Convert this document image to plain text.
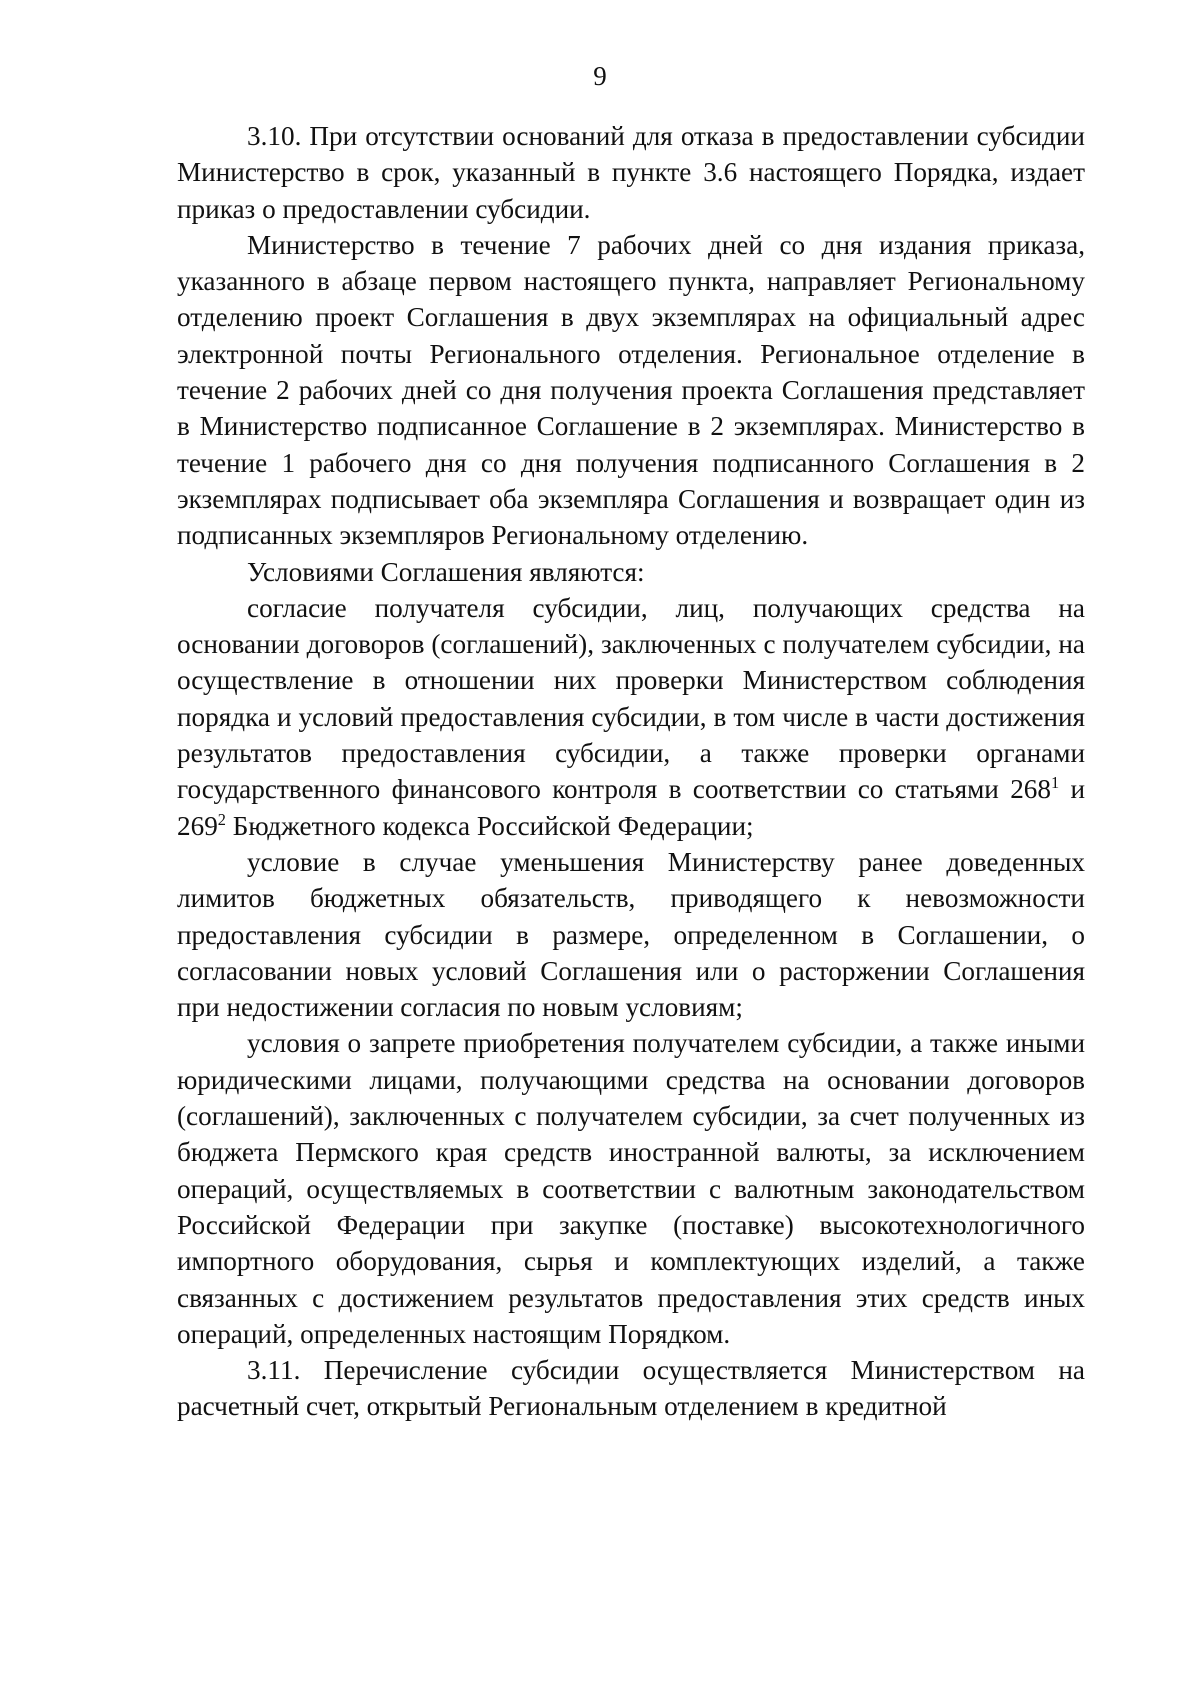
9

3.10. При отсутствии оснований для отказа в предоставлении субсидии Министерство в срок, указанный в пункте 3.6 настоящего Порядка, издает приказ о предоставлении субсидии.

Министерство в течение 7 рабочих дней со дня издания приказа, указанного в абзаце первом настоящего пункта, направляет Региональному отделению проект Соглашения в двух экземплярах на официальный адрес электронной почты Регионального отделения. Региональное отделение в течение 2 рабочих дней со дня получения проекта Соглашения представляет в Министерство подписанное Соглашение в 2 экземплярах. Министерство в течение 1 рабочего дня со дня получения подписанного Соглашения в 2 экземплярах подписывает оба экземпляра Соглашения и возвращает один из подписанных экземпляров Региональному отделению.

Условиями Соглашения являются:

согласие получателя субсидии, лиц, получающих средства на основании договоров (соглашений), заключенных с получателем субсидии, на осуществление в отношении них проверки Министерством соблюдения порядка и условий предоставления субсидии, в том числе в части достижения результатов предоставления субсидии, а также проверки органами государственного финансового контроля в соответствии со статьями $268^1$ и $269^2$ Бюджетного кодекса Российской Федерации;

условие в случае уменьшения Министерству ранее доведенных лимитов бюджетных обязательств, приводящего к невозможности предоставления субсидии в размере, определенном в Соглашении, о согласовании новых условий Соглашения или о расторжении Соглашения при недостижении согласия по новым условиям;

условия о запрете приобретения получателем субсидии, а также иными юридическими лицами, получающими средства на основании договоров (соглашений), заключенных с получателем субсидии, за счет полученных из бюджета Пермского края средств иностранной валюты, за исключением операций, осуществляемых в соответствии с валютным законодательством Российской Федерации при закупке (поставке) высокотехнологичного импортного оборудования, сырья и комплектующих изделий, а также связанных с достижением результатов предоставления этих средств иных операций, определенных настоящим Порядком.

3.11. Перечисление субсидии осуществляется Министерством на расчетный счет, открытый Региональным отделением в кредитной
